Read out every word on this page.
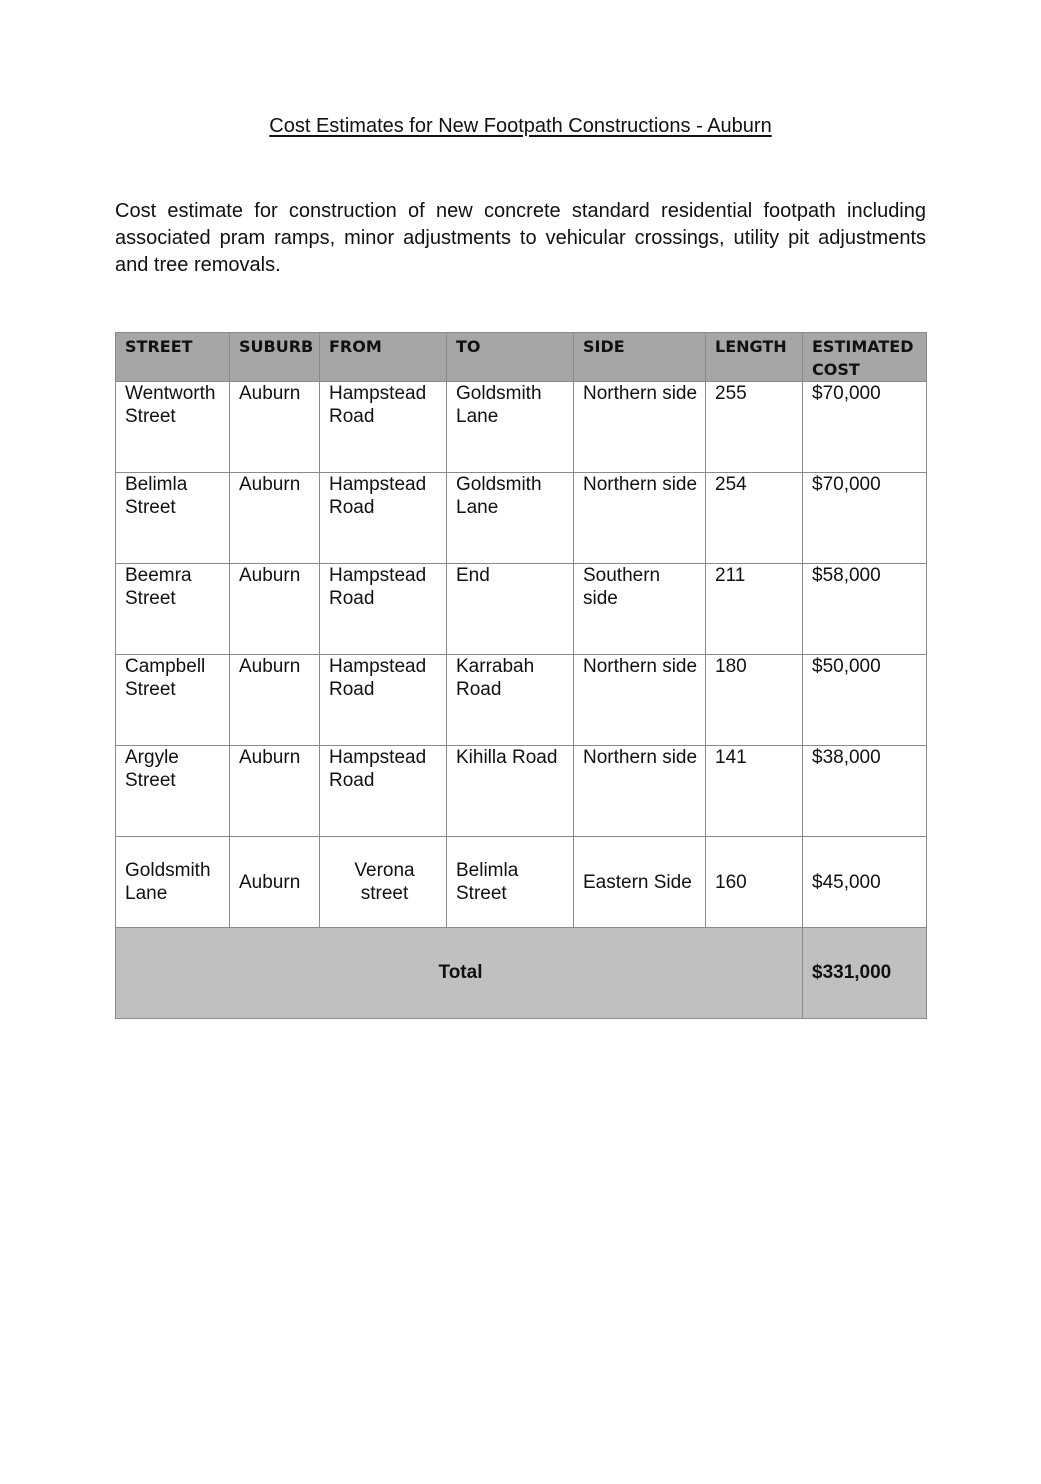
Cost Estimates for New Footpath Constructions - Auburn

Cost estimate for construction of new concrete standard residential footpath including associated pram ramps, minor adjustments to vehicular crossings, utility pit adjustments and tree removals.

STREET	SUBURB	FROM	TO	SIDE	LENGTH	ESTIMATED COST
Wentworth Street	Auburn	Hampstead Road	Goldsmith Lane	Northern side	255	$70,000
Belimla Street	Auburn	Hampstead Road	Goldsmith Lane	Northern side	254	$70,000
Beemra Street	Auburn	Hampstead Road	End	Southern side	211	$58,000
Campbell Street	Auburn	Hampstead Road	Karrabah Road	Northern side	180	$50,000
Argyle Street	Auburn	Hampstead Road	Kihilla Road	Northern side	141	$38,000
Goldsmith Lane	Auburn	Verona street	Belimla Street	Eastern Side	160	$45,000
Total						$331,000
